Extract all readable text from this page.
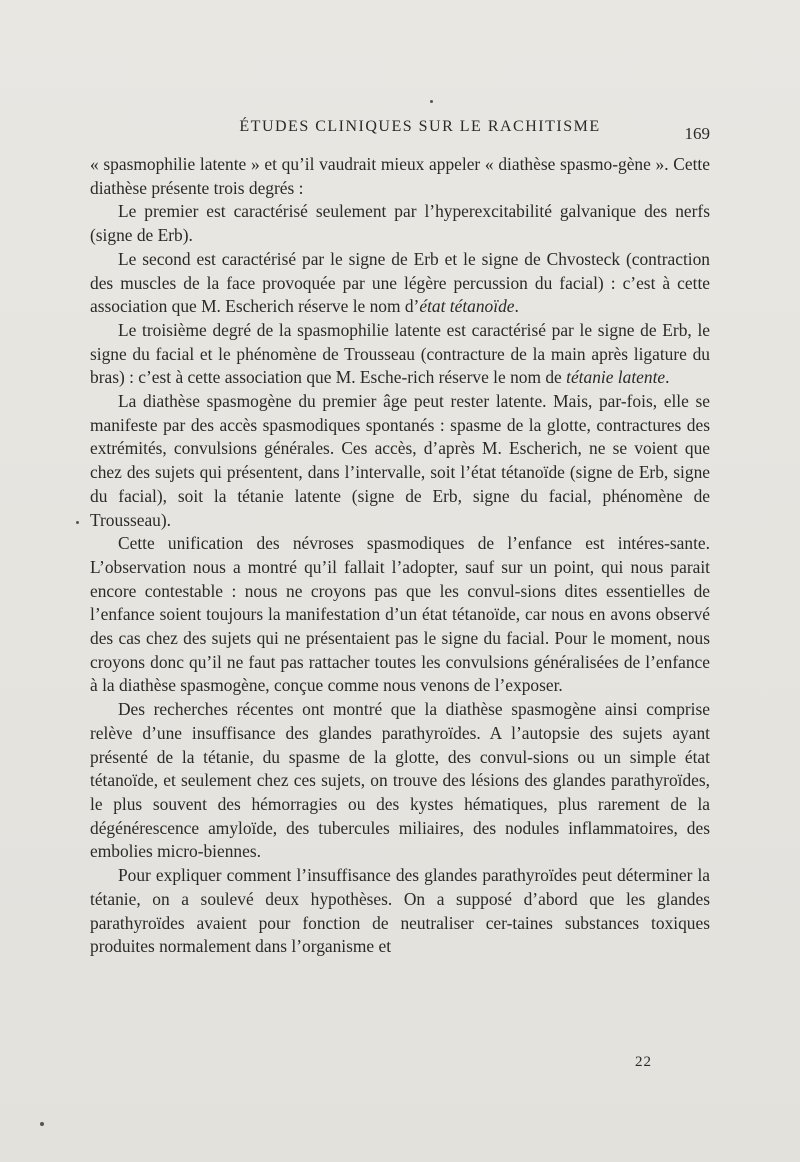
ÉTUDES CLINIQUES SUR LE RACHITISME	169

« spasmophilie latente » et qu’il vaudrait mieux appeler « diathèse spasmo-gène ». Cette diathèse présente trois degrés :

Le premier est caractérisé seulement par l’hyperexcitabilité galvanique des nerfs (signe de Erb).

Le second est caractérisé par le signe de Erb et le signe de Chvosteck (contraction des muscles de la face provoquée par une légère percussion du facial) : c’est à cette association que M. Escherich réserve le nom d’état tétanoïde.

Le troisième degré de la spasmophilie latente est caractérisé par le signe de Erb, le signe du facial et le phénomène de Trousseau (contracture de la main après ligature du bras) : c’est à cette association que M. Esche-rich réserve le nom de tétanie latente.

La diathèse spasmogène du premier âge peut rester latente. Mais, par-fois, elle se manifeste par des accès spasmodiques spontanés : spasme de la glotte, contractures des extrémités, convulsions générales. Ces accès, d’après M. Escherich, ne se voient que chez des sujets qui présentent, dans l’intervalle, soit l’état tétanoïde (signe de Erb, signe du facial), soit la tétanie latente (signe de Erb, signe du facial, phénomène de Trousseau).

Cette unification des névroses spasmodiques de l’enfance est intéres-sante. L’observation nous a montré qu’il fallait l’adopter, sauf sur un point, qui nous parait encore contestable : nous ne croyons pas que les convul-sions dites essentielles de l’enfance soient toujours la manifestation d’un état tétanoïde, car nous en avons observé des cas chez des sujets qui ne présentaient pas le signe du facial. Pour le moment, nous croyons donc qu’il ne faut pas rattacher toutes les convulsions généralisées de l’enfance à la diathèse spasmogène, conçue comme nous venons de l’exposer.

Des recherches récentes ont montré que la diathèse spasmogène ainsi comprise relève d’une insuffisance des glandes parathyroïdes. A l’autopsie des sujets ayant présenté de la tétanie, du spasme de la glotte, des convul-sions ou un simple état tétanoïde, et seulement chez ces sujets, on trouve des lésions des glandes parathyroïdes, le plus souvent des hémorragies ou des kystes hématiques, plus rarement de la dégénérescence amyloïde, des tubercules miliaires, des nodules inflammatoires, des embolies micro-biennes.

Pour expliquer comment l’insuffisance des glandes parathyroïdes peut déterminer la tétanie, on a soulevé deux hypothèses. On a supposé d’abord que les glandes parathyroïdes avaient pour fonction de neutraliser cer-taines substances toxiques produites normalement dans l’organisme et

22
